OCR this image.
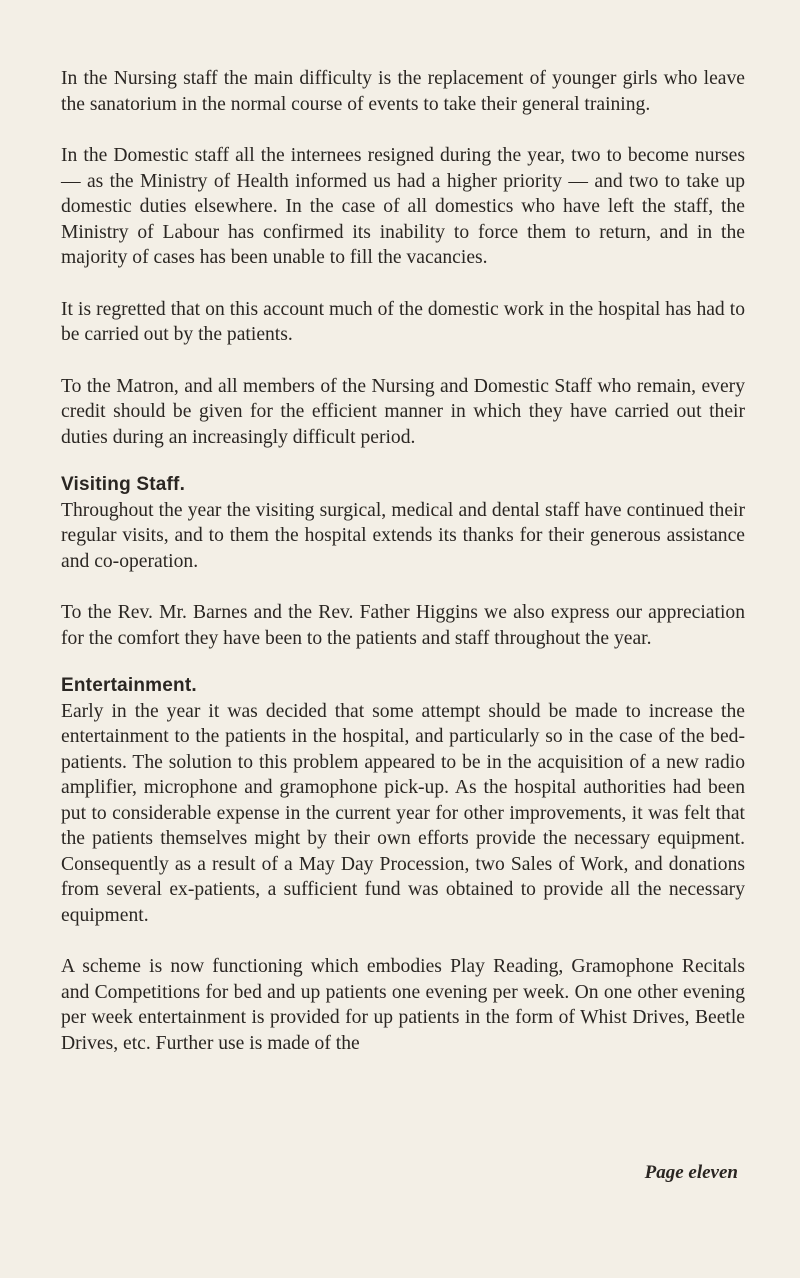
In the Nursing staff the main difficulty is the replacement of younger girls who leave the sanatorium in the normal course of events to take their general training.

In the Domestic staff all the internees resigned during the year, two to become nurses — as the Ministry of Health informed us had a higher priority — and two to take up domestic duties elsewhere. In the case of all domestics who have left the staff, the Ministry of Labour has confirmed its inability to force them to return, and in the majority of cases has been unable to fill the vacancies.

It is regretted that on this account much of the domestic work in the hospital has had to be carried out by the patients.

To the Matron, and all members of the Nursing and Domestic Staff who remain, every credit should be given for the efficient manner in which they have carried out their duties during an increasingly difficult period.

Visiting Staff.

Throughout the year the visiting surgical, medical and dental staff have continued their regular visits, and to them the hospital extends its thanks for their generous assistance and co-operation.

To the Rev. Mr. Barnes and the Rev. Father Higgins we also express our appreciation for the comfort they have been to the patients and staff throughout the year.

Entertainment.

Early in the year it was decided that some attempt should be made to increase the entertainment to the patients in the hospital, and particularly so in the case of the bed-patients. The solution to this problem appeared to be in the acquisition of a new radio amplifier, microphone and gramophone pick-up. As the hospital authorities had been put to considerable expense in the current year for other improvements, it was felt that the patients themselves might by their own efforts provide the necessary equipment. Consequently as a result of a May Day Procession, two Sales of Work, and donations from several ex-patients, a sufficient fund was obtained to provide all the necessary equipment.

A scheme is now functioning which embodies Play Reading, Gramophone Recitals and Competitions for bed and up patients one evening per week. On one other evening per week entertainment is provided for up patients in the form of Whist Drives, Beetle Drives, etc. Further use is made of the

Page eleven
